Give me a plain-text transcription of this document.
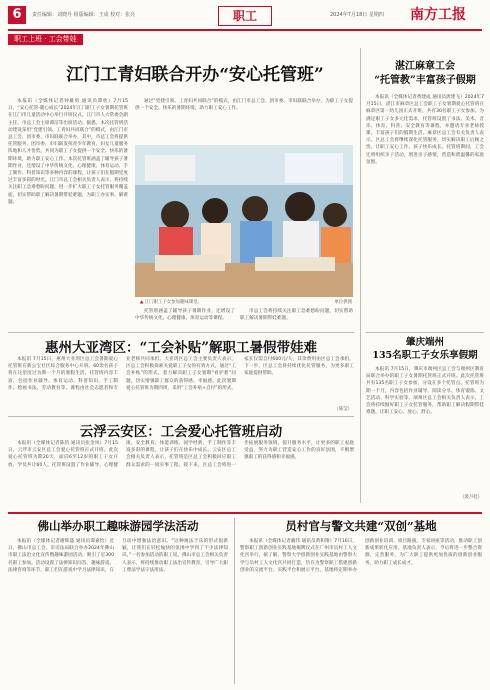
6	责任编辑：刘晓丹 组版编辑：王成 校对：张亮	职工	2024年7月18日 星期四 南方工报
职工上班 · 工会带娃
江门工青妇联合开办“安心托管班”

本报讯（全媒体记者钟雄勇 通讯员谭欣）7月15日，“安心托管·暖心成长”2024年江门职工子女暑期托管班在江门市儿童活动中心举行开班仪式。江门市人大常委会副主任、市总工会主席谭洁等出席活动。据悉，本次托管班活动建设采用“党建引领、工青妇共同联合”的模式，由江门市总工会、团市委、市妇联联合举办，其中，市总工会将提供托管服务，团市委、市妇联发挥青少年教育、妇女儿童服务阵地和人才优势，共同为职工子女提供一个安全、快乐的暑期环境，助力职工安心工作。本次托管班涵盖了辅导孩子暑期作业，还增设了中华传统文化、心理健康、体育运动、手工制作、科普知识等多种内容的课程，让孩子们在假期里度过丰富多彩的时光。江门市总工会相关负责人表示，将持续关注职工急难愁盼问题，进一步扩大职工子女托管服务覆盖面，切实帮助职工解决暑期带娃难题，为职工办实事、解难题。

通过“党建引领、工青妇共同联合”的模式，由江门市总工会、团市委、市妇联联合举办，为职工子女提供一个安全、快乐的暑期环境，助力职工安心工作。

▲ 江门职工子女参加趣味课堂。	单位供图

托管班涵盖了辅导孩子暑期作业，还增设了中华传统文化、心理健康、体育运动等课程。

市总工会将持续关注职工急难愁盼问题，切实帮助职工解决暑期带娃难题。

湛江麻章工会
“托管教”丰富孩子假期

本报讯（全媒体记者黄建成 通讯员唐建飞）2024年7月15日，湛江市麻章区总工会职工子女暑期爱心托管班在麻章区第一幼儿园正式开班，共有30名职工子女参加。为满足职工子女多元化需求，托管班设置了书法、美术、音乐、体育、科普、安全教育等课程，并邀请专业老师授课，丰富孩子们的假期生活。麻章区总工会有关负责人表示，区总工会将继续深化托管服务，切实解决职工后顾之忧，让职工安心工作、孩子快乐成长。托管班期间，工会还将组织亲子活动，增进亲子感情，营造和谐温馨的家庭氛围。

肇庆端州
135名职工子女乐享假期

本报讯 7月15日，肇庆市端州区总工会与端州区教育局联合举办的职工子女暑期托管班正式开班。此次托管班共有135名职工子女参加，分设在多个托管点。托管班为期一个月，内容包括作业辅导、阅读分享、体育锻炼、文艺活动、科学实验等。端州区总工会相关负责人表示，工会将持续做好职工子女托管服务，帮助职工解决假期带娃难题，让职工安心、放心、舒心。

（裘月桂）
惠州大亚湾区：“工会补贴”解职工暑假带娃难

本报讯 7月15日，惠州大亚湾区总工会暑期爱心托管班在新公宝社区综合服务中心开班。60余名孩子将在这里度过为期一个月的暑假生活。托管班内容丰富，包括作业辅导、体育运动、科普知识、手工制作、绘画书法、劳动教育等。课程由社会志愿者和专业老师共同承担。大亚湾区总工会主要负责人表示，区总工会积极探索关爱职工子女的有效方式，通过“工会补贴”的形式，着力解决职工子女暑期“看护难”问题，切实增强职工群众的获得感、幸福感。此次暑期爱心托管班为期四周，采用“工会补贴+自付”的形式，家长仅需自付600元/人，其余费用由区总工会承担。下一步，区总工会将持续优化托管服务，为更多职工家庭提供帮助。

（陈莹）
云浮云安区：工会爱心托管班启动

本报讯（全媒体记者陈钧 通讯员张金凤）7月15日，云浮市云安区总工会爱心托管班正式开班。此次爱心托管班为期20天，面向6至12岁的职工子女开放，学员共计60人。托管班设置了作业辅导、心理健康、安全教育、体能训练、国学经典、手工制作等丰富多彩的课程，让孩子们在快乐中成长。云安区总工会相关负责人表示，托管班是区总工会积极回应职工群众需求的一项实事工程，接下来，区总工会将进一步拓展服务领域，提升服务水平，让更多的职工家庭受益，努力为职工营造安心工作的良好氛围，不断增强职工的获得感和幸福感。

佛山举办职工趣味游园学法活动

本报讯（全媒体记者谢辉盛 通讯员谭嘉怡）近日，佛山市总工会、市司法局联合举办2024年佛山市职工法治文化宣传暨趣味游园活动，吸引了近300名职工参加。活动设置了法律知识问答、趣味游戏、法律咨询等环节，职工们在游戏中学习法律知识，在互动中增强法治意识。“这种寓法于乐的形式很新颖，让我们在轻松愉快的氛围中学到了不少法律知识。”一名参加活动的职工说。佛山市总工会相关负责人表示，将持续推动职工法治宣传教育，引导广大职工尊法学法守法用法。

员村官与警文共建“双创”基地

本报讯（全媒体记者戴伟 通讯员黄和翔）7月16日，警察职工创新创业实践基地揭牌仪式在广州市员村工人文化宫举行。据了解，警察大学创新创业实践基地由警察大学与员村工人文化宫共同打造，旨在为警察职工搭建创新创业的交流平台、实践平台和展示平台。基地将定期举办创新创业培训、项目路演、专家讲座等活动，推动职工创新成果转化应用。基地负责人表示，今后将进一步整合资源，完善服务，为广大职工提供更加优质的创新创业服务，助力职工成长成才。
